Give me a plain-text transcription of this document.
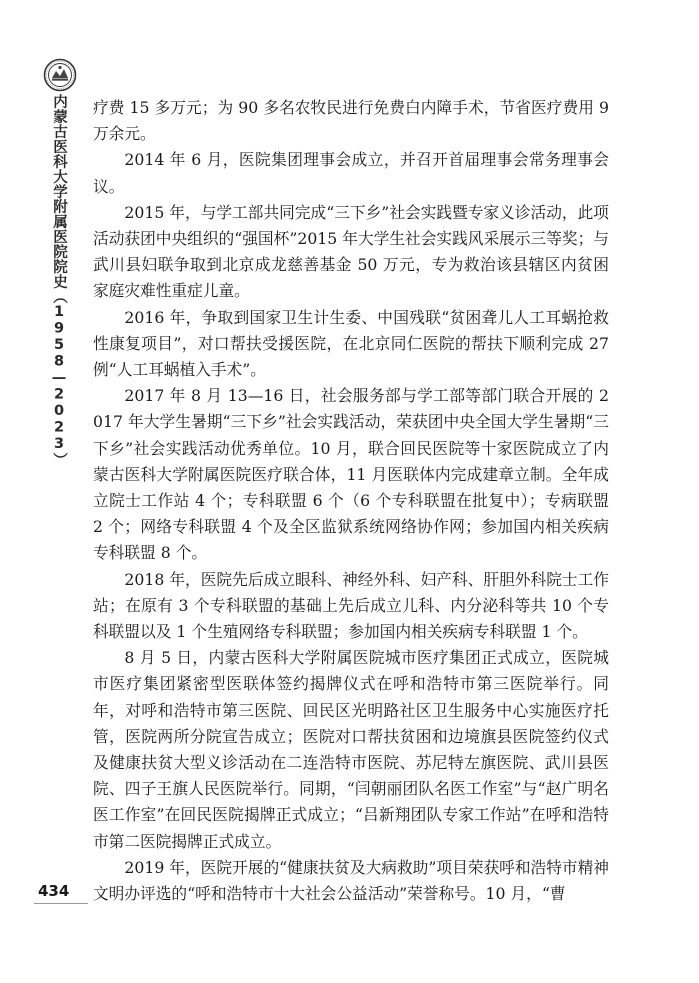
内蒙古医科大学附属医院院史（1958—2023）
434

疗费 15 多万元；为 90 多名农牧民进行免费白内障手术，节省医疗费用 9 万余元。

2014 年 6 月，医院集团理事会成立，并召开首届理事会常务理事会议。

2015 年，与学工部共同完成“三下乡”社会实践暨专家义诊活动，此项活动获团中央组织的“强国杯”2015 年大学生社会实践风采展示三等奖；与武川县妇联争取到北京成龙慈善基金 50 万元，专为救治该县辖区内贫困家庭灾难性重症儿童。

2016 年，争取到国家卫生计生委、中国残联“贫困聋儿人工耳蜗抢救性康复项目”，对口帮扶受援医院，在北京同仁医院的帮扶下顺利完成 27 例“人工耳蜗植入手术”。

2017 年 8 月 13—16 日，社会服务部与学工部等部门联合开展的 2017 年大学生暑期“三下乡”社会实践活动，荣获团中央全国大学生暑期“三下乡”社会实践活动优秀单位。10 月，联合回民医院等十家医院成立了内蒙古医科大学附属医院医疗联合体，11 月医联体内完成建章立制。全年成立院士工作站 4 个；专科联盟 6 个（6 个专科联盟在批复中）；专病联盟 2 个；网络专科联盟 4 个及全区监狱系统网络协作网；参加国内相关疾病专科联盟 8 个。

2018 年，医院先后成立眼科、神经外科、妇产科、肝胆外科院士工作站；在原有 3 个专科联盟的基础上先后成立儿科、内分泌科等共 10 个专科联盟以及 1 个生殖网络专科联盟；参加国内相关疾病专科联盟 1 个。

8 月 5 日，内蒙古医科大学附属医院城市医疗集团正式成立，医院城市医疗集团紧密型医联体签约揭牌仪式在呼和浩特市第三医院举行。同年，对呼和浩特市第三医院、回民区光明路社区卫生服务中心实施医疗托管，医院两所分院宣告成立；医院对口帮扶贫困和边境旗县医院签约仪式及健康扶贫大型义诊活动在二连浩特市医院、苏尼特左旗医院、武川县医院、四子王旗人民医院举行。同期，“闫朝丽团队名医工作室”与“赵广明名医工作室”在回民医院揭牌正式成立；“吕新翔团队专家工作站”在呼和浩特市第二医院揭牌正式成立。

2019 年，医院开展的“健康扶贫及大病救助”项目荣获呼和浩特市精神文明办评选的“呼和浩特市十大社会公益活动”荣誉称号。10 月，“曹
